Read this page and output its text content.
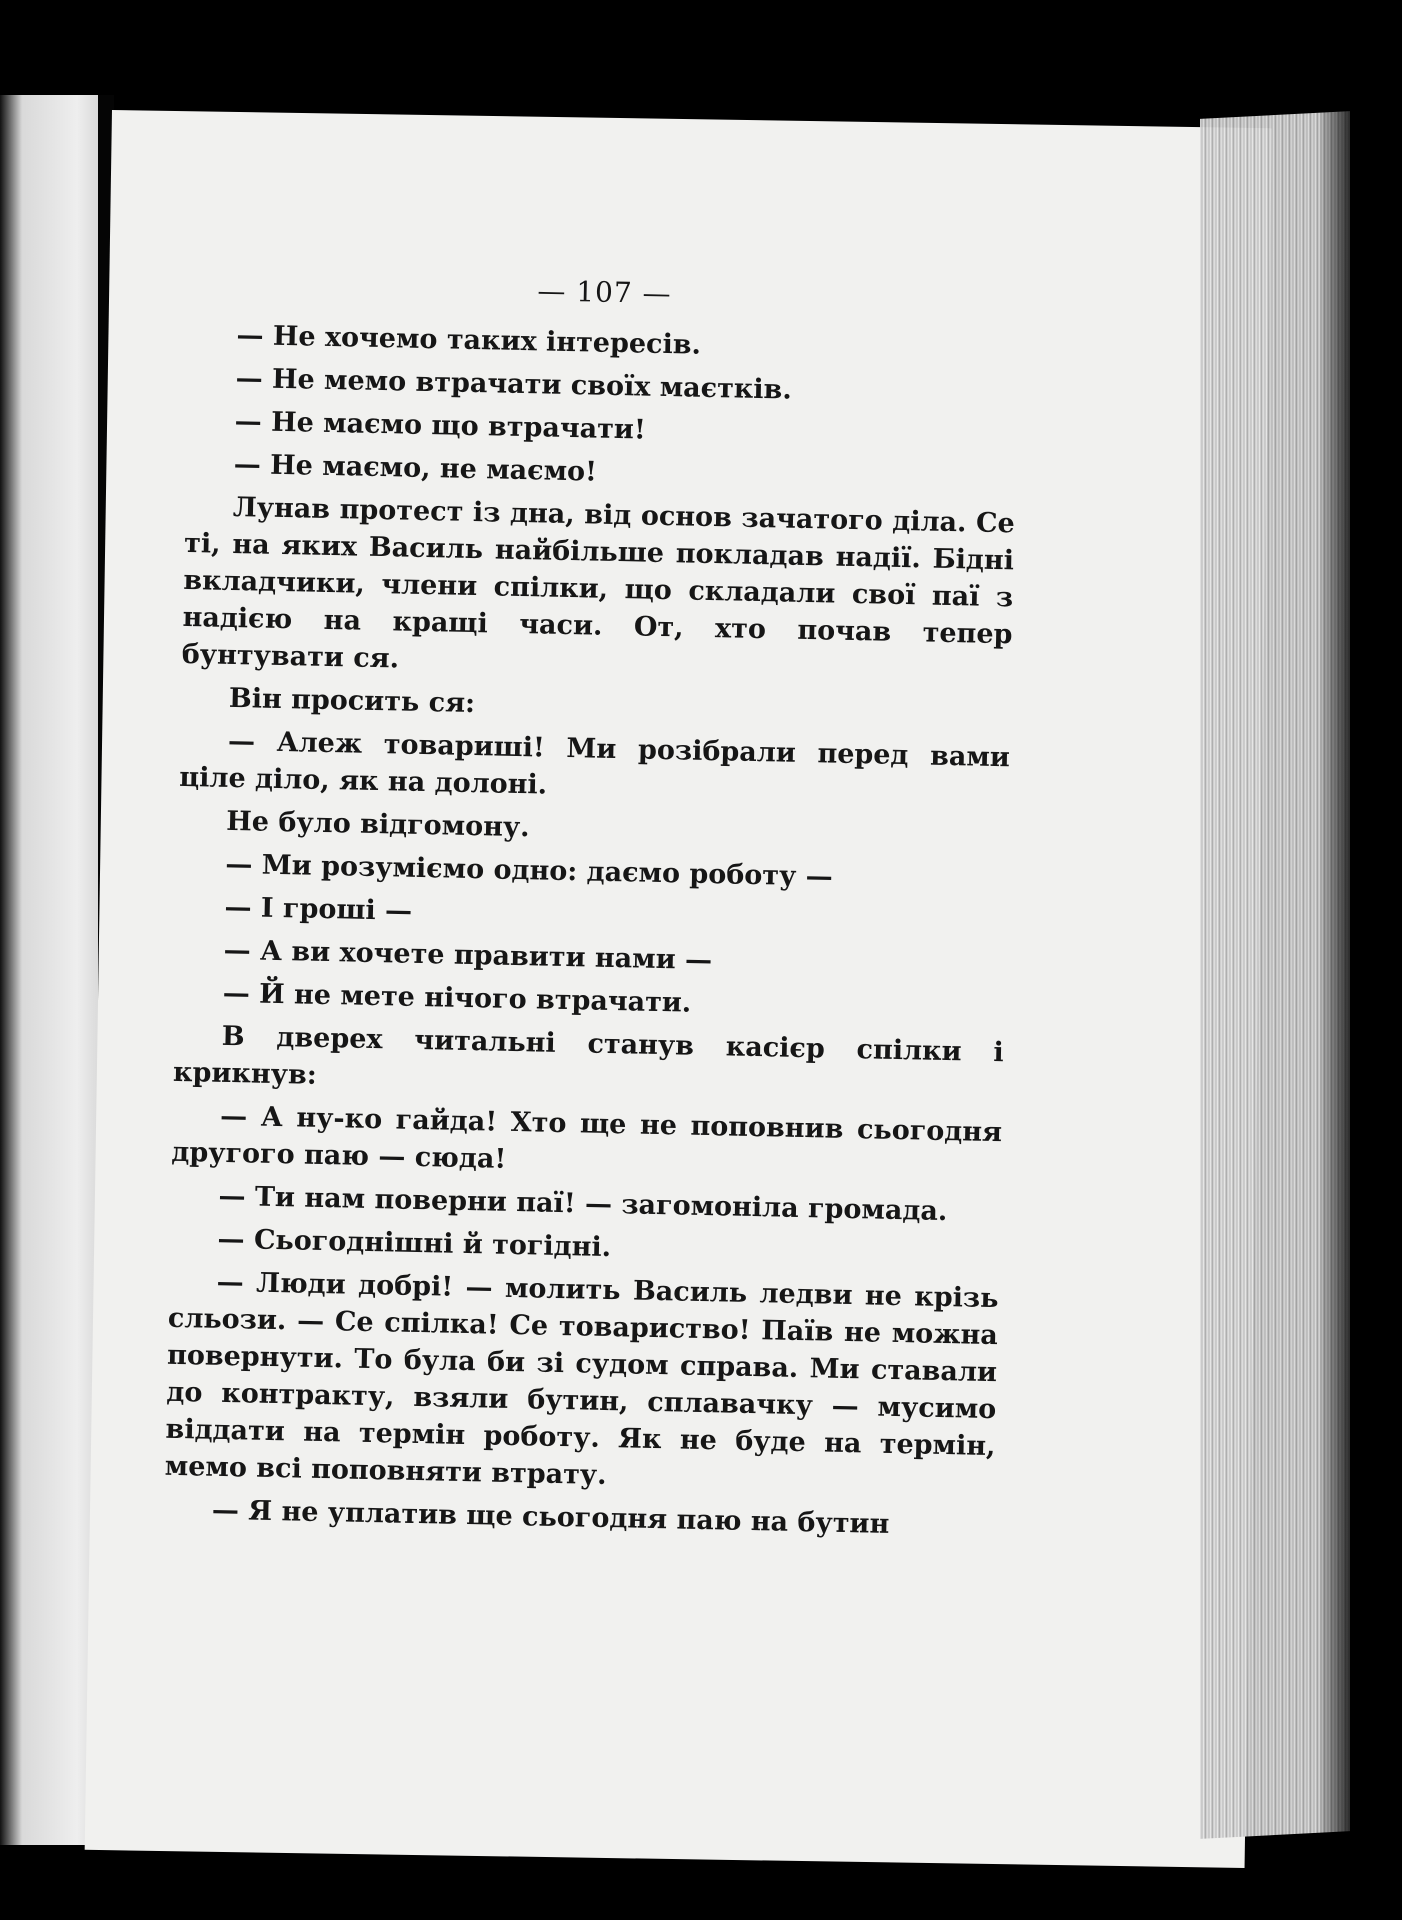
— 107 —
— Не хочемо таких інтересів.
— Не мемо втрачати своїх маєтків.
— Не маємо що втрачати!
— Не маємо, не маємо!
Лунав протест із дна, від основ зачатого діла. Се ті, на яких Василь найбільше покладав надії. Бідні вкладчики, члени спілки, що складали свої паї з надією на кращі часи. От, хто почав тепер бунтувати ся.
Він просить ся:
— Алеж товариші! Ми розібрали перед вами ціле діло, як на долоні.
Не було відгомону.
— Ми розуміємо одно: даємо роботу —
— І гроші —
— А ви хочете правити нами —
— Й не мете нічого втрачати.
В дверех читальні станув касієр спілки і крикнув:
— А ну-ко гайда! Хто ще не поповнив сьогодня другого паю — сюда!
— Ти нам поверни паї! — загомоніла громада.
— Сьогоднішні й тогідні.
— Люди добрі! — молить Василь ледви не крізь сльози. — Се спілка! Се товариство! Паїв не можна повернути. То була би зі судом справа. Ми ставали до контракту, взяли бутин, сплавачку — мусимо віддати на термін роботу. Як не буде на термін, мемо всі поповняти втрату.
— Я не уплатив ще сьогодня паю на бутин
